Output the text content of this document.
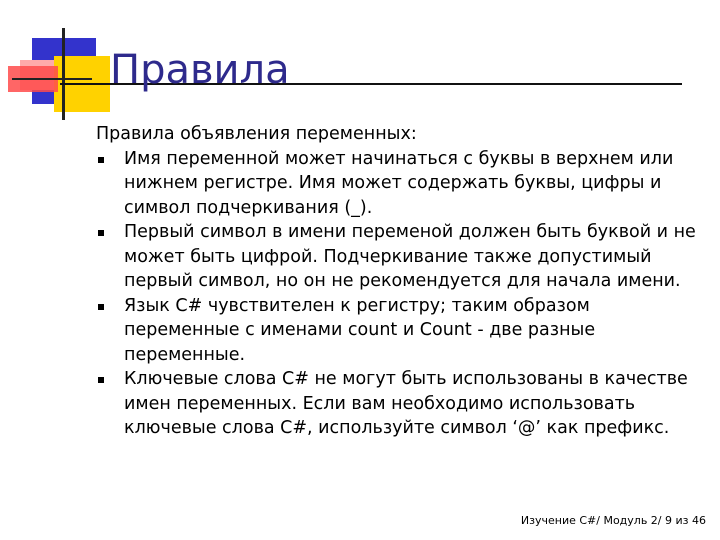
Правила

Правила объявления переменных:

Имя переменной может начинаться с буквы в верхнем или нижнем регистре. Имя может содержать буквы, цифры и символ подчеркивания (_).
Первый символ в имени переменой должен быть буквой и не может быть цифрой. Подчеркивание также допустимый первый символ, но он не рекомендуется для начала имени.
Язык C# чувствителен к регистру; таким образом переменные с именами count и Count - две разные переменные.
Ключевые слова C# не могут быть использованы в качестве имен переменных. Если вам необходимо использовать ключевые слова C#, используйте символ ‘@’ как префикс.
Изучение C#/ Модуль 2/ 9 из 46
